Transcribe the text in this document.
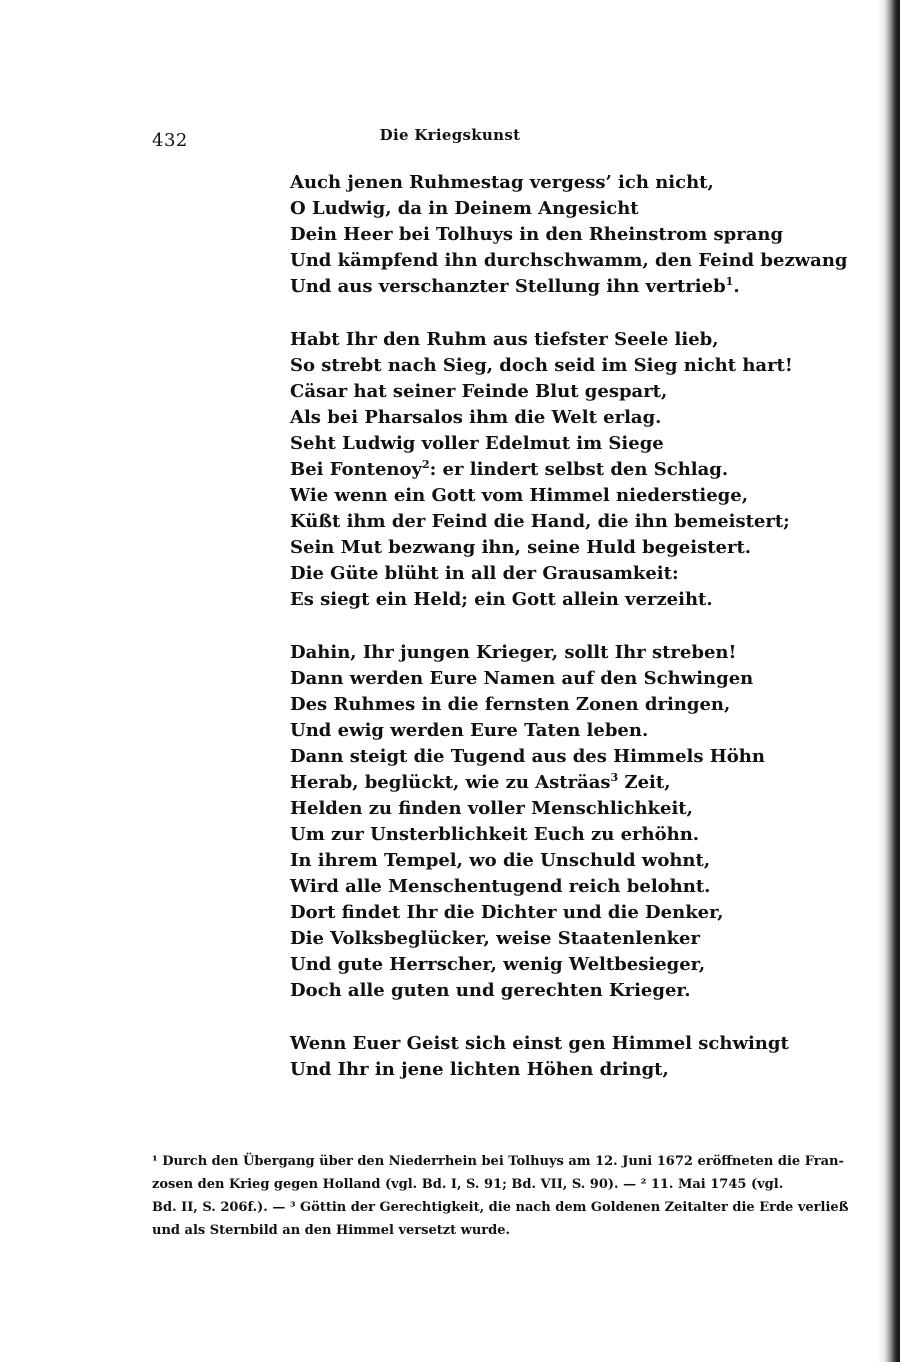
432	Die Kriegskunst
Auch jenen Ruhmestag vergess’ ich nicht,
O Ludwig, da in Deinem Angesicht
Dein Heer bei Tolhuys in den Rheinstrom sprang
Und kämpfend ihn durchschwamm, den Feind bezwang
Und aus verschanzter Stellung ihn vertrieb$^1$.
Habt Ihr den Ruhm aus tiefster Seele lieb,
So strebt nach Sieg, doch seid im Sieg nicht hart!
Cäsar hat seiner Feinde Blut gespart,
Als bei Pharsalos ihm die Welt erlag.
Seht Ludwig voller Edelmut im Siege
Bei Fontenoy$^2$: er lindert selbst den Schlag.
Wie wenn ein Gott vom Himmel niederstiege,
Küßt ihm der Feind die Hand, die ihn bemeistert;
Sein Mut bezwang ihn, seine Huld begeistert.
Die Güte blüht in all der Grausamkeit:
Es siegt ein Held; ein Gott allein verzeiht.
Dahin, Ihr jungen Krieger, sollt Ihr streben!
Dann werden Eure Namen auf den Schwingen
Des Ruhmes in die fernsten Zonen dringen,
Und ewig werden Eure Taten leben.
Dann steigt die Tugend aus des Himmels Höhn
Herab, beglückt, wie zu Asträas$^3$ Zeit,
Helden zu finden voller Menschlichkeit,
Um zur Unsterblichkeit Euch zu erhöhn.
In ihrem Tempel, wo die Unschuld wohnt,
Wird alle Menschentugend reich belohnt.
Dort findet Ihr die Dichter und die Denker,
Die Volksbeglücker, weise Staatenlenker
Und gute Herrscher, wenig Weltbesieger,
Doch alle guten und gerechten Krieger.
Wenn Euer Geist sich einst gen Himmel schwingt
Und Ihr in jene lichten Höhen dringt,
¹ Durch den Übergang über den Niederrhein bei Tolhuys am 12. Juni 1672 eröffneten die Fran-
zosen den Krieg gegen Holland (vgl. Bd. I, S. 91; Bd. VII, S. 90). — ² 11. Mai 1745 (vgl.
Bd. II, S. 206f.). — ³ Göttin der Gerechtigkeit, die nach dem Goldenen Zeitalter die Erde verließ
und als Sternbild an den Himmel versetzt wurde.
